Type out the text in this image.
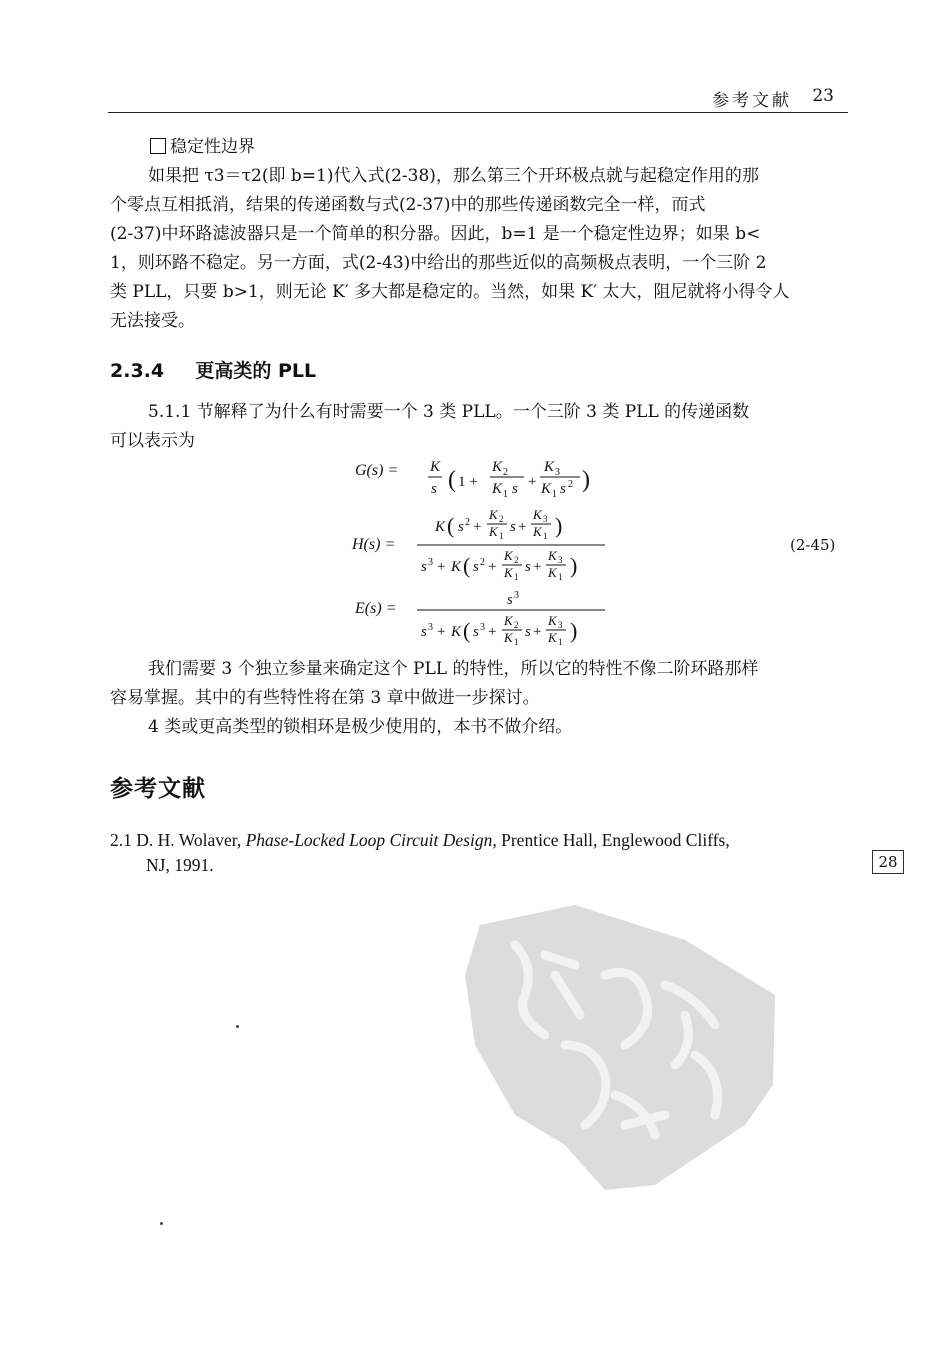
参考文献 23
稳定性边界
如果把 τ3＝τ2(即 b=1)代入式(2-38)，那么第三个开环极点就与起稳定作用的那
个零点互相抵消，结果的传递函数与式(2-37)中的那些传递函数完全一样，而式
(2-37)中环路滤波器只是一个简单的积分器。因此，b=1 是一个稳定性边界；如果 b<
1，则环路不稳定。另一方面，式(2-43)中给出的那些近似的高频极点表明，一个三阶 2
类 PLL，只要 b>1，则无论 K′ 多大都是稳定的。当然，如果 K′ 太大，阻尼就将小得令人
无法接受。
2.3.4 更高类的 PLL
5.1.1 节解释了为什么有时需要一个 3 类 PLL。一个三阶 3 类 PLL 的传递函数
可以表示为
G(s) = K
s ( 1 +
K 2
K 1 s +
K 3
K 1 s 2 )
H(s) =
K ( s 2 +
K 2
K 1
s +
K 3
K 1 )
s 3 + K ( s 2 +
K 2
K 1
s +
K 3
K 1 )
(2-45)
E(s) =	s 3
s 3 + K ( s 3 +
K 2
K 1
s +
K 3
K 1 )
我们需要 3 个独立参量来确定这个 PLL 的特性，所以它的特性不像二阶环路那样
容易掌握。其中的有些特性将在第 3 章中做进一步探讨。
4 类或更高类型的锁相环是极少使用的，本书不做介绍。
参考文献
2.1 D. H. Wolaver, Phase-Locked Loop Circuit Design, Prentice Hall, Englewood Cliffs,
NJ, 1991.	28
